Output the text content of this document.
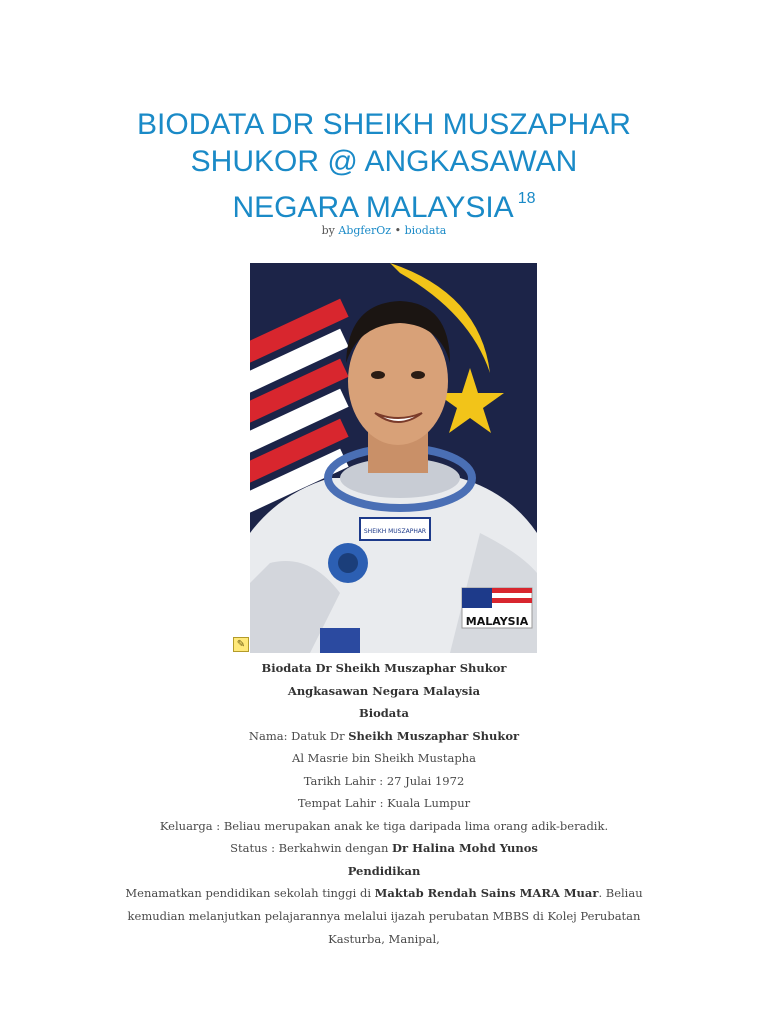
BIODATA DR SHEIKH MUSZAPHAR
SHUKOR @ ANGKASAWAN
NEGARA MALAYSIA $^{18}$
by AbgferOz • biodata
SHEIKH MUSZAPHAR
MALAYSIA
✎

Biodata Dr Sheikh Muszaphar Shukor

Angkasawan Negara Malaysia

Biodata

Nama: Datuk Dr Sheikh Muszaphar Shukor

Al Masrie bin Sheikh Mustapha

Tarikh Lahir : 27 Julai 1972

Tempat Lahir : Kuala Lumpur

Keluarga : Beliau merupakan anak ke tiga daripada lima orang adik-beradik.

Status : Berkahwin dengan Dr Halina Mohd Yunos

Pendidikan

Menamatkan pendidikan sekolah tinggi di Maktab Rendah Sains MARA Muar. Beliau kemudian melanjutkan pelajarannya melalui ijazah perubatan MBBS di Kolej Perubatan Kasturba, Manipal,
